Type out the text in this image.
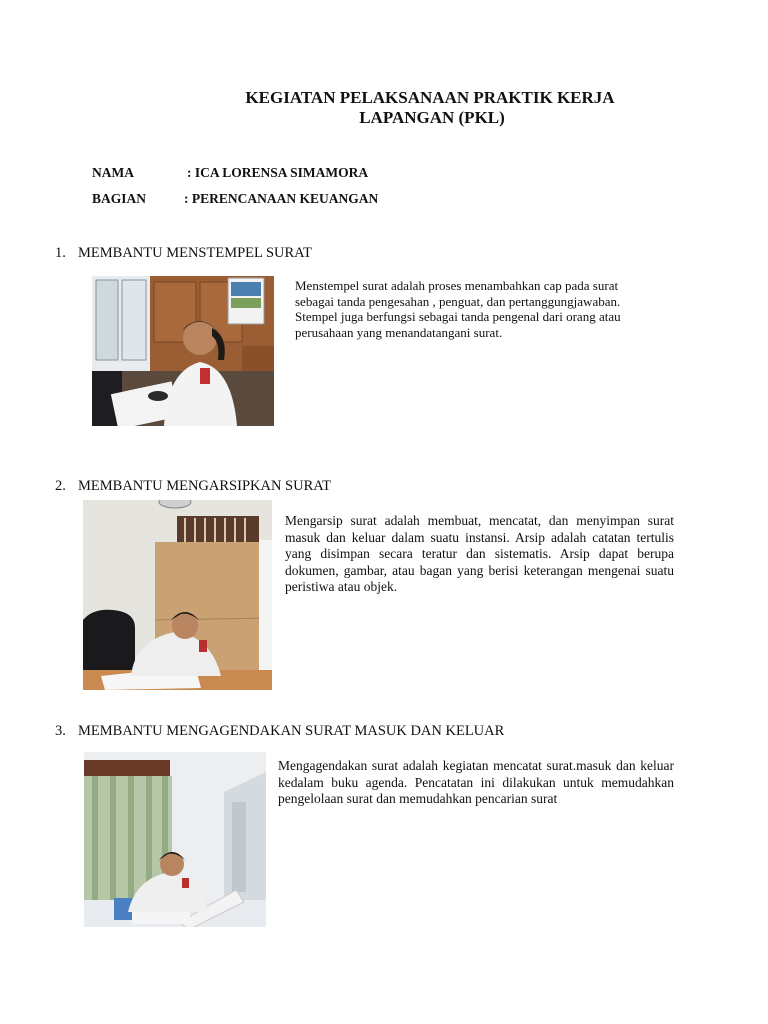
KEGIATAN PELAKSANAAN PRAKTIK KERJA
LAPANGAN (PKL)
NAMA	: ICA LORENSA SIMAMORA
BAGIAN	: PERENCANAAN KEUANGAN
1. MEMBANTU MENSTEMPEL SURAT
Menstempel surat adalah proses menambahkan cap pada surat sebagai tanda pengesahan , penguat, dan pertanggungjawaban. Stempel juga berfungsi sebagai tanda pengenal dari orang atau perusahaan yang menandatangani surat.
2. MEMBANTU MENGARSIPKAN SURAT
Mengarsip surat adalah membuat, mencatat, dan menyimpan surat masuk dan keluar dalam suatu instansi. Arsip adalah catatan tertulis yang disimpan secara teratur dan sistematis. Arsip dapat berupa dokumen, gambar, atau bagan yang berisi keterangan mengenai suatu peristiwa atau objek.
3. MEMBANTU MENGAGENDAKAN SURAT MASUK DAN KELUAR
Mengagendakan surat adalah kegiatan mencatat surat.masuk dan keluar kedalam buku agenda. Pencatatan ini dilakukan untuk memudahkan pengelolaan surat dan memudahkan pencarian surat
